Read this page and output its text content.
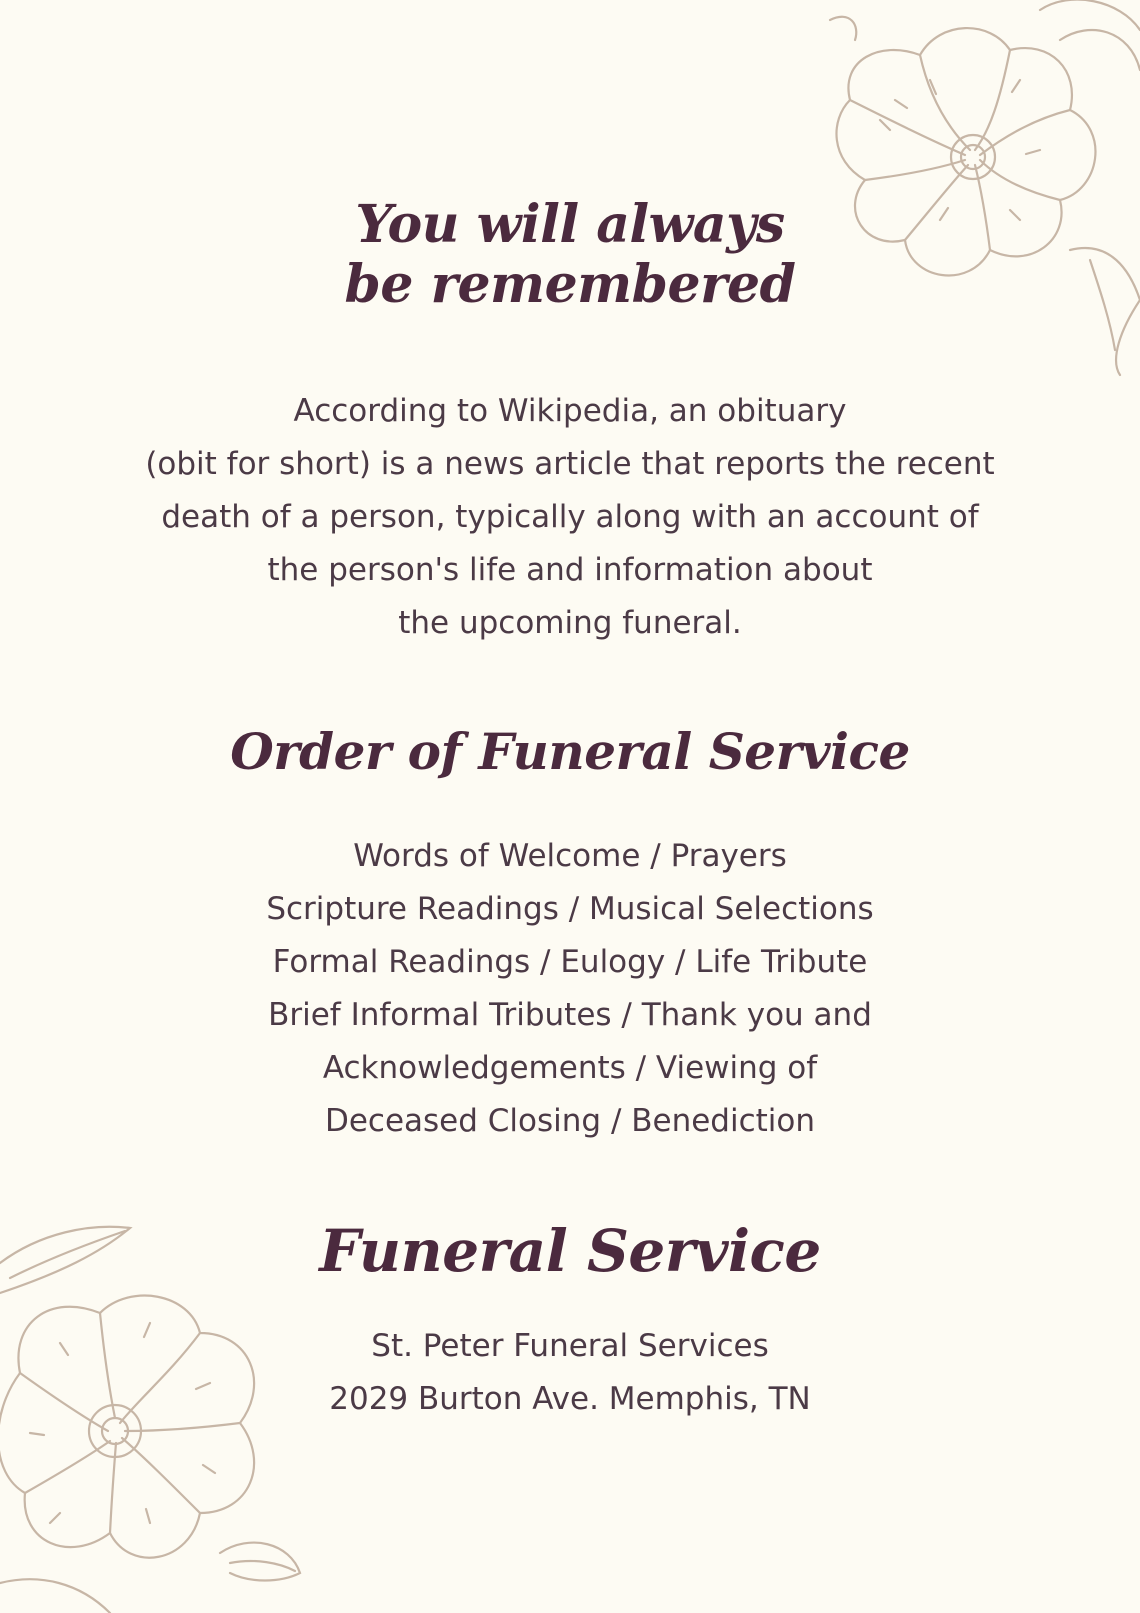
You will always
be remembered

According to Wikipedia, an obituary
(obit for short) is a news article that reports the recent
death of a person, typically along with an account of
the person's life and information about
the upcoming funeral.

Order of Funeral Service

Words of Welcome / Prayers
Scripture Readings / Musical Selections
Formal Readings / Eulogy / Life Tribute
Brief Informal Tributes / Thank you and
Acknowledgements / Viewing of
Deceased Closing / Benediction

Funeral Service

St. Peter Funeral Services
2029 Burton Ave. Memphis, TN
